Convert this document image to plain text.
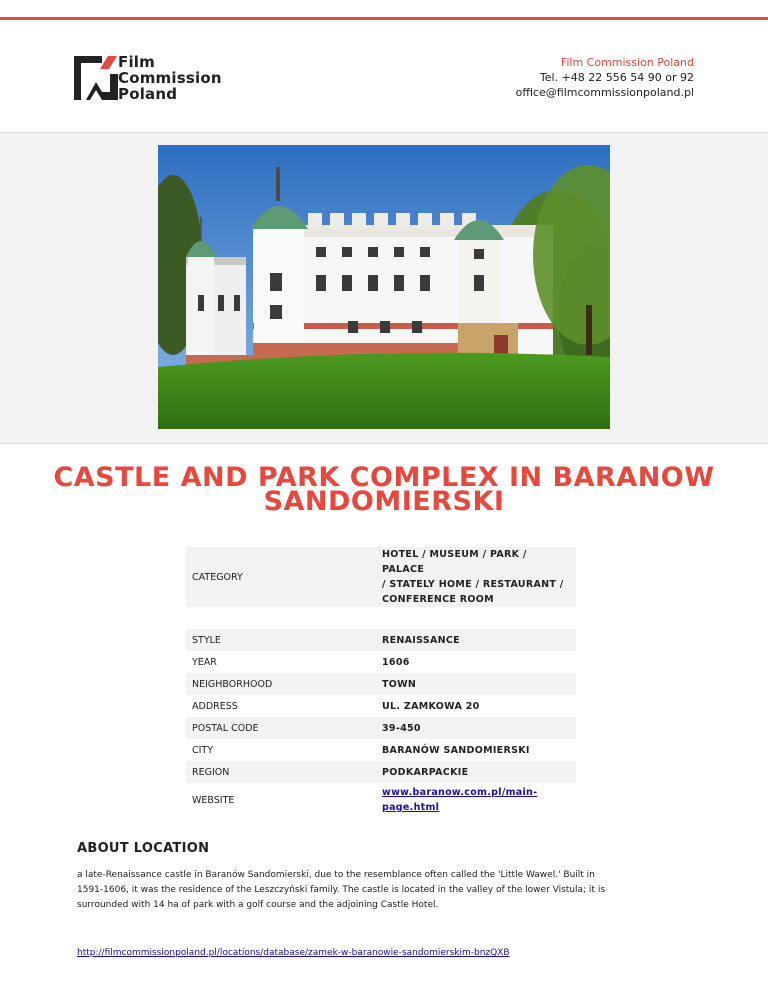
Film
Commission
Poland
Film Commission Poland
Tel. +48 22 556 54 90 or 92
office@filmcommissionpoland.pl
CASTLE AND PARK COMPLEX IN BARANOW
SANDOMIERSKI
CATEGORY	HOTEL / MUSEUM / PARK / PALACE
/ STATELY HOME / RESTAURANT /
CONFERENCE ROOM

STYLE	RENAISSANCE
YEAR	1606
NEIGHBORHOOD	TOWN
ADDRESS	UL. ZAMKOWA 20
POSTAL CODE	39-450
CITY	BARANÓW SANDOMIERSKI
REGION	PODKARPACKIE
WEBSITE	www.baranow.com.pl/main-
page.html
ABOUT LOCATION
a late-Renaissance castle in Baranów Sandomierski, due to the resemblance often called the 'Little Wawel.' Built in
1591-1606, it was the residence of the Leszczyński family. The castle is located in the valley of the lower Vistula; it is
surrounded with 14 ha of park with a golf course and the adjoining Castle Hotel.
http://filmcommissionpoland.pl/locations/database/zamek-w-baranowie-sandomierskim-bnzQXB
